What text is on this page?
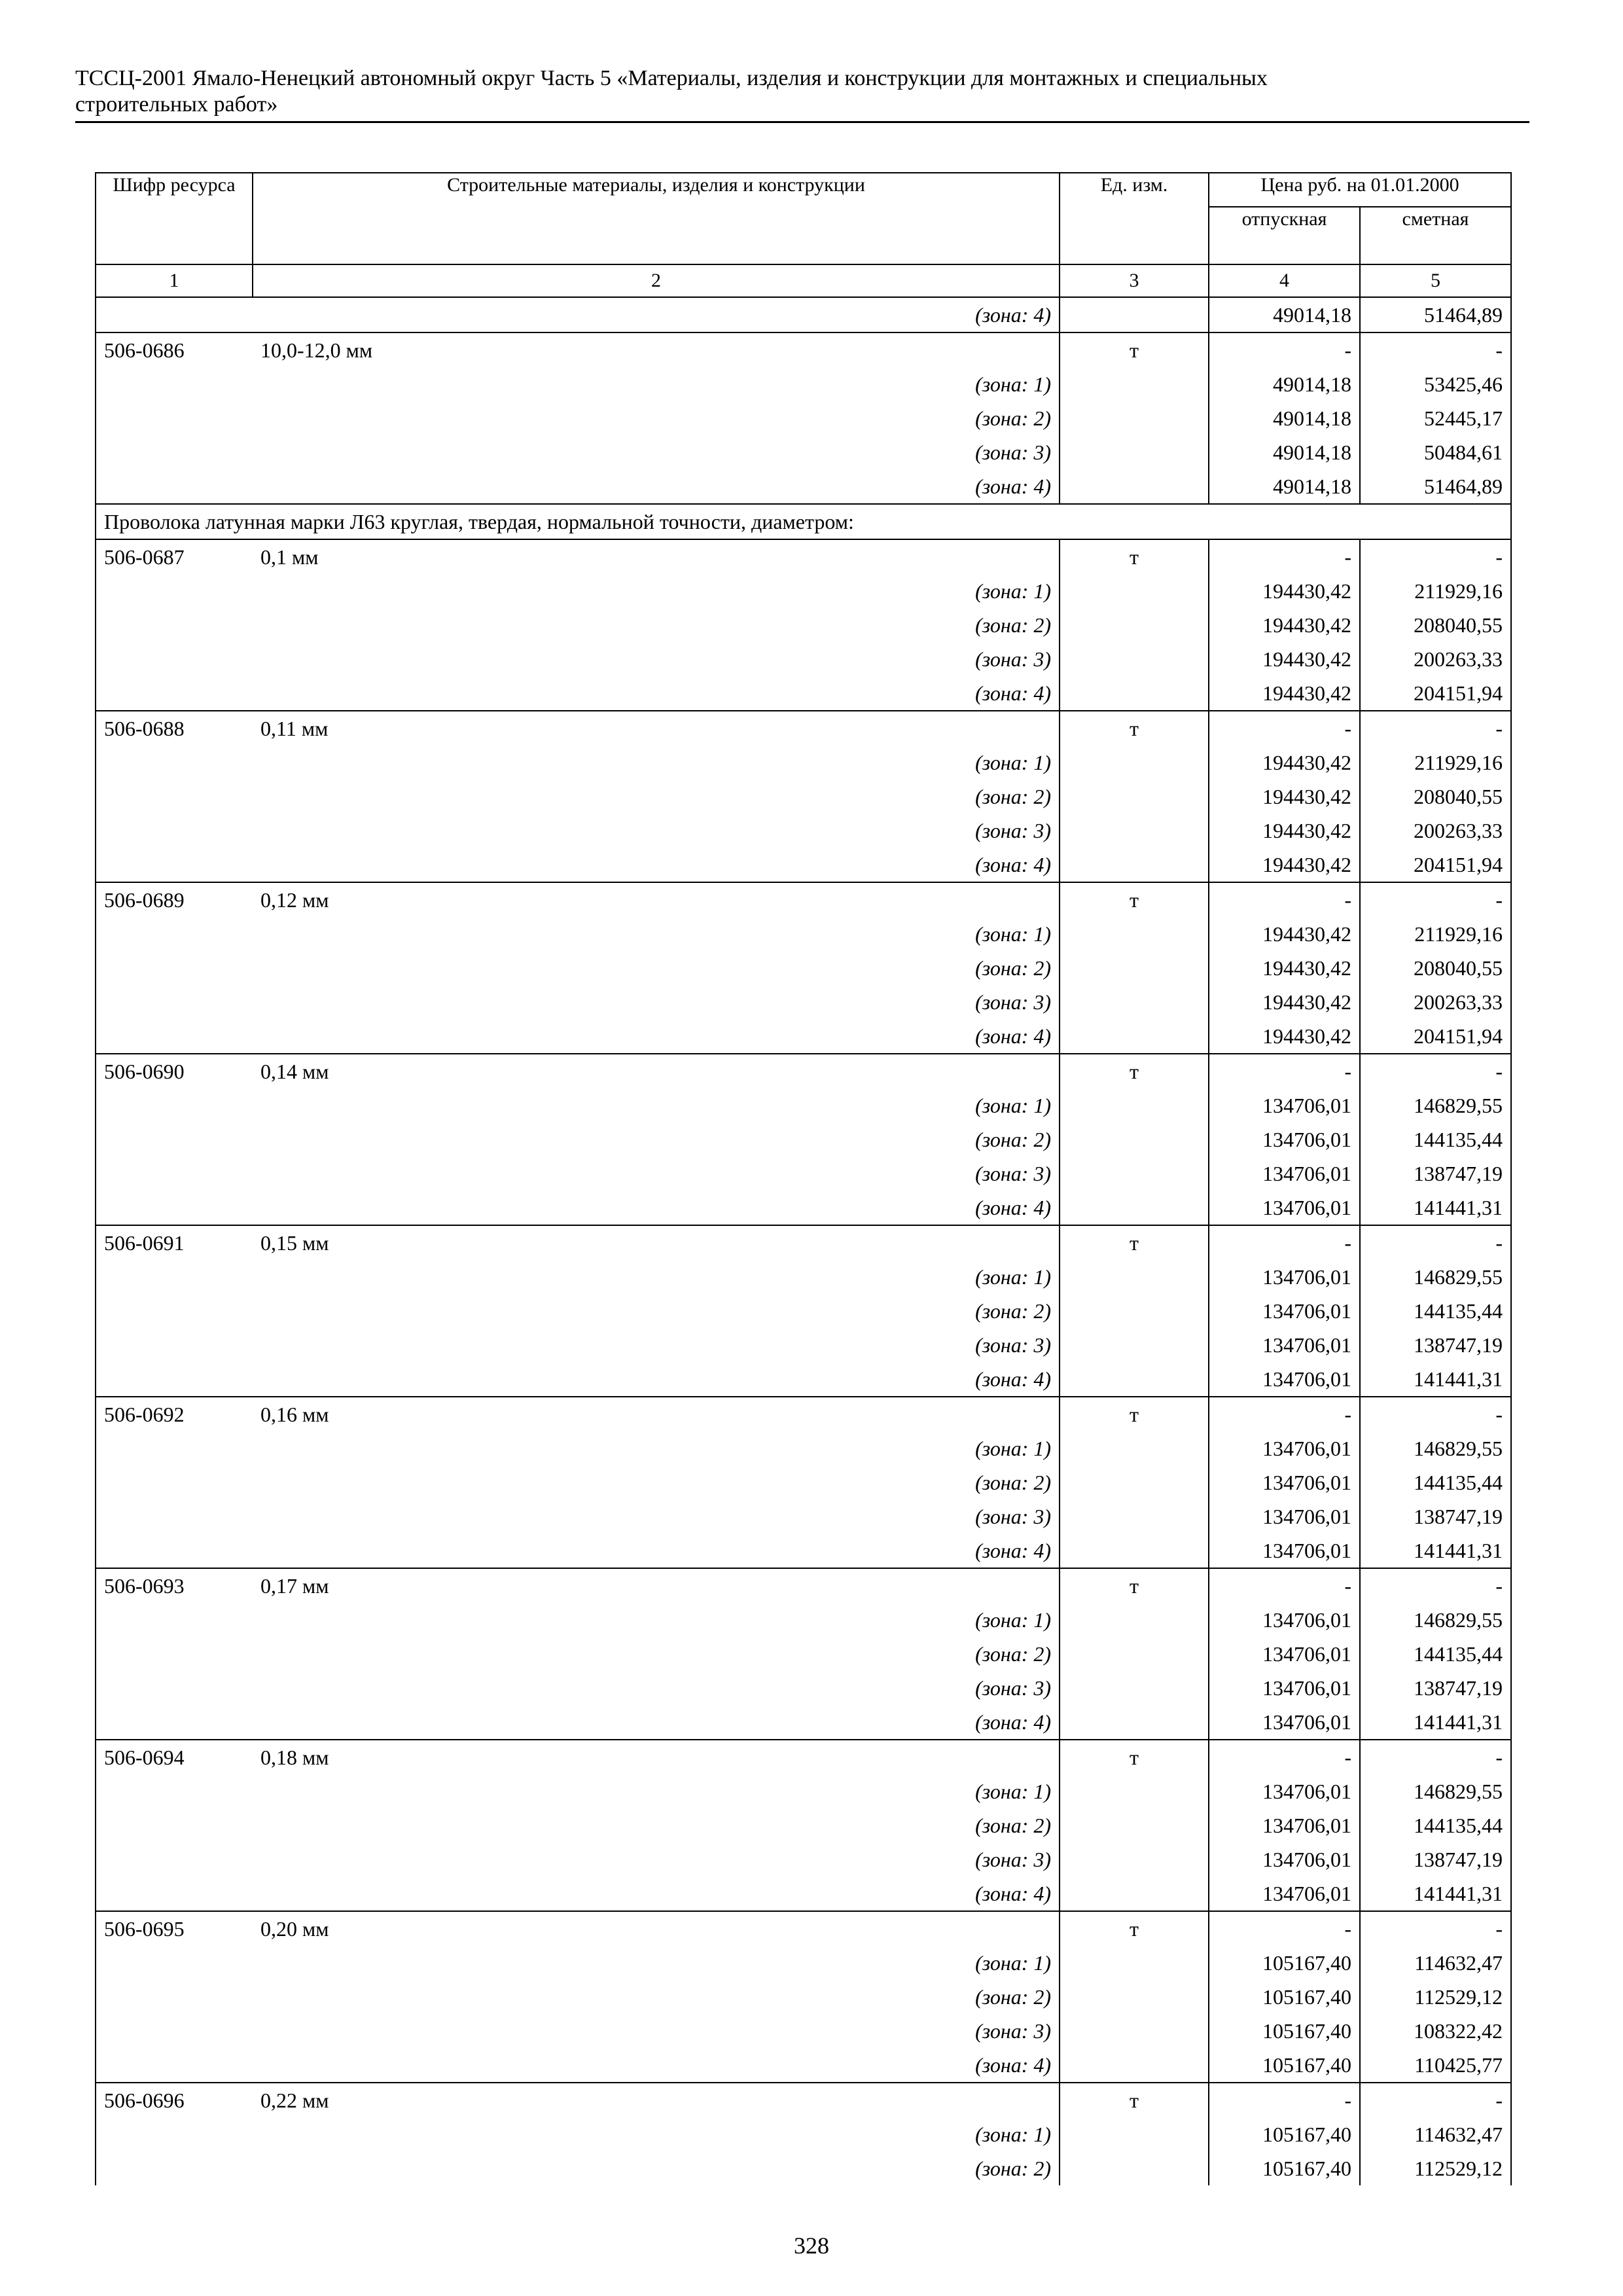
ТССЦ-2001 Ямало-Ненецкий автономный округ Часть 5 «Материалы, изделия и конструкции для монтажных и специальных
строительных работ»
Шифр ресурса	Строительные материалы, изделия и конструкции	Ед. изм.	Цена руб. на 01.01.2000	
			отпускная	сметная
1	2	3	4	5
	(зона: 4)		49014,18	51464,89
506-0686	10,0-12,0 мм	т	-	-
	(зона: 1)		49014,18	53425,46
	(зона: 2)		49014,18	52445,17
	(зона: 3)		49014,18	50484,61
	(зона: 4)		49014,18	51464,89
Проволока латунная марки Л63 круглая, твердая, нормальной точности, диаметром:				
506-0687	0,1 мм	т	-	-
	(зона: 1)		194430,42	211929,16
	(зона: 2)		194430,42	208040,55
	(зона: 3)		194430,42	200263,33
	(зона: 4)		194430,42	204151,94
506-0688	0,11 мм	т	-	-
	(зона: 1)		194430,42	211929,16
	(зона: 2)		194430,42	208040,55
	(зона: 3)		194430,42	200263,33
	(зона: 4)		194430,42	204151,94
506-0689	0,12 мм	т	-	-
	(зона: 1)		194430,42	211929,16
	(зона: 2)		194430,42	208040,55
	(зона: 3)		194430,42	200263,33
	(зона: 4)		194430,42	204151,94
506-0690	0,14 мм	т	-	-
	(зона: 1)		134706,01	146829,55
	(зона: 2)		134706,01	144135,44
	(зона: 3)		134706,01	138747,19
	(зона: 4)		134706,01	141441,31
506-0691	0,15 мм	т	-	-
	(зона: 1)		134706,01	146829,55
	(зона: 2)		134706,01	144135,44
	(зона: 3)		134706,01	138747,19
	(зона: 4)		134706,01	141441,31
506-0692	0,16 мм	т	-	-
	(зона: 1)		134706,01	146829,55
	(зона: 2)		134706,01	144135,44
	(зона: 3)		134706,01	138747,19
	(зона: 4)		134706,01	141441,31
506-0693	0,17 мм	т	-	-
	(зона: 1)		134706,01	146829,55
	(зона: 2)		134706,01	144135,44
	(зона: 3)		134706,01	138747,19
	(зона: 4)		134706,01	141441,31
506-0694	0,18 мм	т	-	-
	(зона: 1)		134706,01	146829,55
	(зона: 2)		134706,01	144135,44
	(зона: 3)		134706,01	138747,19
	(зона: 4)		134706,01	141441,31
506-0695	0,20 мм	т	-	-
	(зона: 1)		105167,40	114632,47
	(зона: 2)		105167,40	112529,12
	(зона: 3)		105167,40	108322,42
	(зона: 4)		105167,40	110425,77
506-0696	0,22 мм	т	-	-
	(зона: 1)		105167,40	114632,47
	(зона: 2)		105167,40	112529,12
328
